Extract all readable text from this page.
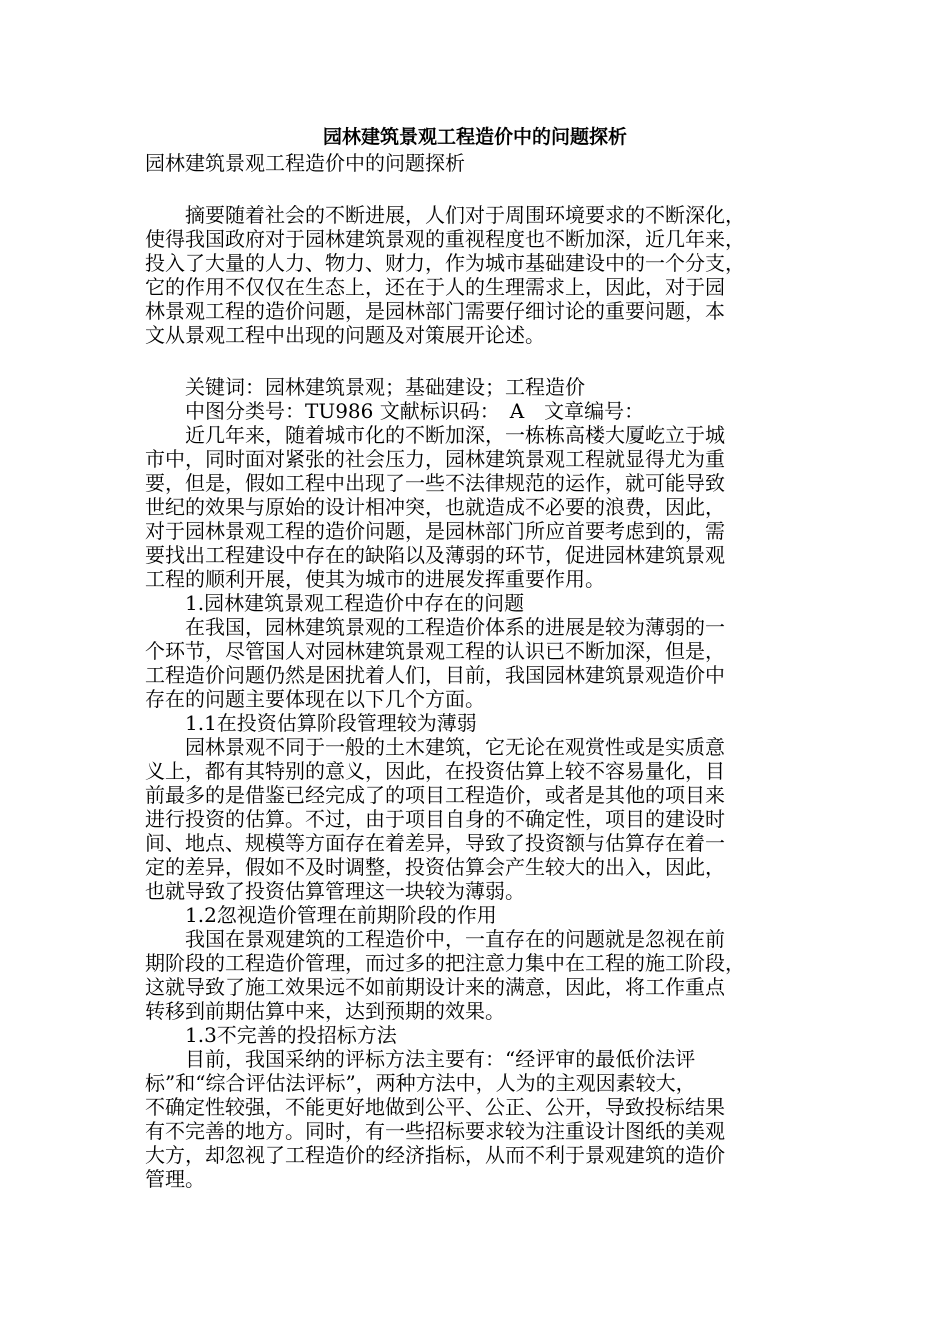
园林建筑景观工程造价中的问题探析
园林建筑景观工程造价中的问题探析
　　摘要随着社会的不断进展，人们对于周围环境要求的不断深化，
使得我国政府对于园林建筑景观的重视程度也不断加深，近几年来，
投入了大量的人力、物力、财力，作为城市基础建设中的一个分支，
它的作用不仅仅在生态上，还在于人的生理需求上，因此，对于园
林景观工程的造价问题，是园林部门需要仔细讨论的重要问题，本
文从景观工程中出现的问题及对策展开论述。
　　关键词：园林建筑景观；基础建设；工程造价
　　中图分类号：TU986 文献标识码：　A　文章编号：
　　近几年来，随着城市化的不断加深，一栋栋高楼大厦屹立于城
市中，同时面对紧张的社会压力，园林建筑景观工程就显得尤为重
要，但是，假如工程中出现了一些不法律规范的运作，就可能导致
世纪的效果与原始的设计相冲突，也就造成不必要的浪费，因此，
对于园林景观工程的造价问题，是园林部门所应首要考虑到的，需
要找出工程建设中存在的缺陷以及薄弱的环节，促进园林建筑景观
工程的顺利开展，使其为城市的进展发挥重要作用。
　　1.园林建筑景观工程造价中存在的问题
　　在我国，园林建筑景观的工程造价体系的进展是较为薄弱的一
个环节，尽管国人对园林建筑景观工程的认识已不断加深，但是，
工程造价问题仍然是困扰着人们，目前，我国园林建筑景观造价中
存在的问题主要体现在以下几个方面。
　　1.1在投资估算阶段管理较为薄弱
　　园林景观不同于一般的土木建筑，它无论在观赏性或是实质意
义上，都有其特别的意义，因此，在投资估算上较不容易量化，目
前最多的是借鉴已经完成了的项目工程造价，或者是其他的项目来
进行投资的估算。不过，由于项目自身的不确定性，项目的建设时
间、地点、规模等方面存在着差异，导致了投资额与估算存在着一
定的差异，假如不及时调整，投资估算会产生较大的出入，因此，
也就导致了投资估算管理这一块较为薄弱。
　　1.2忽视造价管理在前期阶段的作用
　　我国在景观建筑的工程造价中，一直存在的问题就是忽视在前
期阶段的工程造价管理，而过多的把注意力集中在工程的施工阶段，
这就导致了施工效果远不如前期设计来的满意，因此，将工作重点
转移到前期估算中来，达到预期的效果。
　　1.3不完善的投招标方法
　　目前，我国采纳的评标方法主要有：“经评审的最低价法评
标”和“综合评估法评标”，两种方法中，人为的主观因素较大，
不确定性较强，不能更好地做到公平、公正、公开，导致投标结果
有不完善的地方。同时，有一些招标要求较为注重设计图纸的美观
大方，却忽视了工程造价的经济指标，从而不利于景观建筑的造价
管理。
